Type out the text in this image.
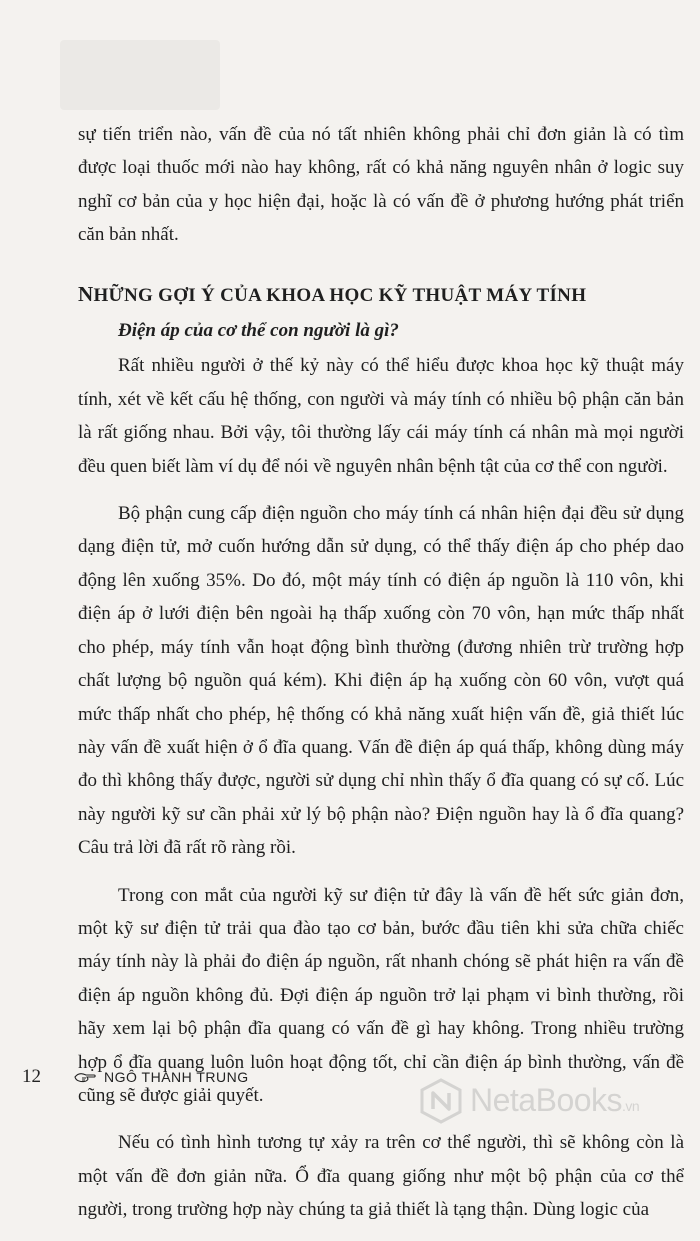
sự tiến triển nào, vấn đề của nó tất nhiên không phải chỉ đơn giản là có tìm được loại thuốc mới nào hay không, rất có khả năng nguyên nhân ở logic suy nghĩ cơ bản của y học hiện đại, hoặc là có vấn đề ở phương hướng phát triển căn bản nhất.

NHỮNG GỢI Ý CỦA KHOA HỌC KỸ THUẬT MÁY TÍNH

Điện áp của cơ thể con người là gì?

Rất nhiều người ở thế kỷ này có thể hiểu được khoa học kỹ thuật máy tính, xét về kết cấu hệ thống, con người và máy tính có nhiều bộ phận căn bản là rất giống nhau. Bởi vậy, tôi thường lấy cái máy tính cá nhân mà mọi người đều quen biết làm ví dụ để nói về nguyên nhân bệnh tật của cơ thể con người.

Bộ phận cung cấp điện nguồn cho máy tính cá nhân hiện đại đều sử dụng dạng điện tử, mở cuốn hướng dẫn sử dụng, có thể thấy điện áp cho phép dao động lên xuống 35%. Do đó, một máy tính có điện áp nguồn là 110 vôn, khi điện áp ở lưới điện bên ngoài hạ thấp xuống còn 70 vôn, hạn mức thấp nhất cho phép, máy tính vẫn hoạt động bình thường (đương nhiên trừ trường hợp chất lượng bộ nguồn quá kém). Khi điện áp hạ xuống còn 60 vôn, vượt quá mức thấp nhất cho phép, hệ thống có khả năng xuất hiện vấn đề, giả thiết lúc này vấn đề xuất hiện ở ổ đĩa quang. Vấn đề điện áp quá thấp, không dùng máy đo thì không thấy được, người sử dụng chỉ nhìn thấy ổ đĩa quang có sự cố. Lúc này người kỹ sư cần phải xử lý bộ phận nào? Điện nguồn hay là ổ đĩa quang? Câu trả lời đã rất rõ ràng rồi.

Trong con mắt của người kỹ sư điện tử đây là vấn đề hết sức giản đơn, một kỹ sư điện tử trải qua đào tạo cơ bản, bước đầu tiên khi sửa chữa chiếc máy tính này là phải đo điện áp nguồn, rất nhanh chóng sẽ phát hiện ra vấn đề điện áp nguồn không đủ. Đợi điện áp nguồn trở lại phạm vi bình thường, rồi hãy xem lại bộ phận đĩa quang có vấn đề gì hay không. Trong nhiều trường hợp ổ đĩa quang luôn luôn hoạt động tốt, chỉ cần điện áp bình thường, vấn đề cũng sẽ được giải quyết.

Nếu có tình hình tương tự xảy ra trên cơ thể người, thì sẽ không còn là một vấn đề đơn giản nữa. Ổ đĩa quang giống như một bộ phận của cơ thể người, trong trường hợp này chúng ta giả thiết là tạng thận. Dùng logic của

12	NGÔ THANH TRUNG
NetaBooks.vn
